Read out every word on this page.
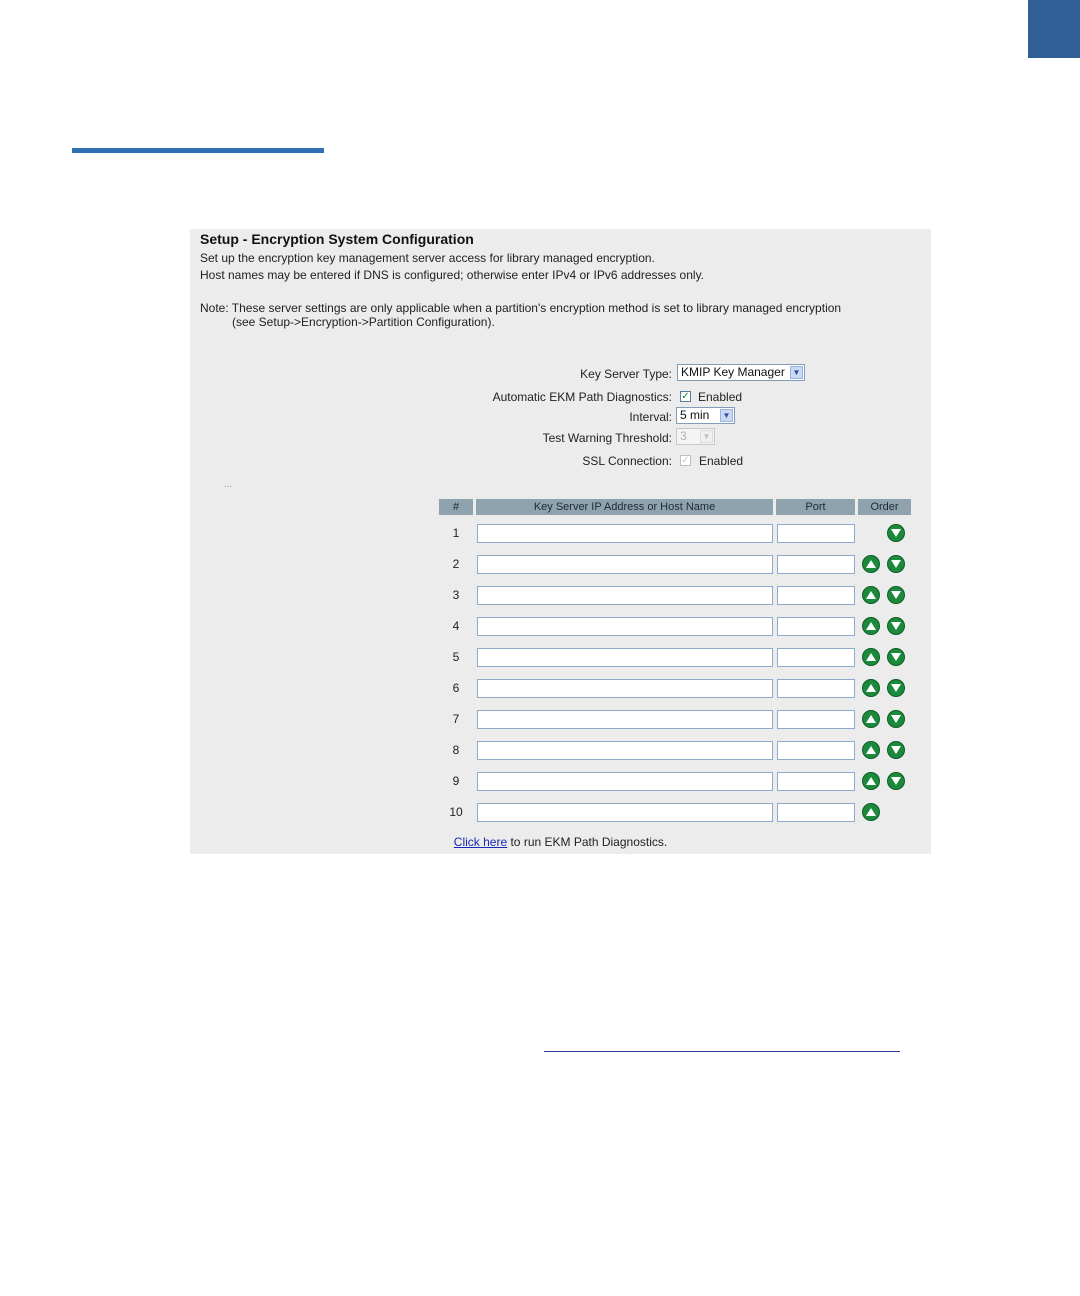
Setup - Encryption System Configuration
Set up the encryption key management server access for library managed encryption.
Host names may be entered if DNS is configured; otherwise enter IPv4 or IPv6 addresses only.
Note: These server settings are only applicable when a partition's encryption method is set to library managed encryption
(see Setup->Encryption->Partition Configuration).
Key Server Type: KMIP Key Manager ▼
Automatic EKM Path Diagnostics: ✓ Enabled
Interval: 5 min	▼
Test Warning Threshold: 3	▼
SSL Connection: ✓ Enabled
...
#	Key Server IP Address or Host Name	Port	Order
1
2
3
4
5
6
7
8
9
10
Click here to run EKM Path Diagnostics.
